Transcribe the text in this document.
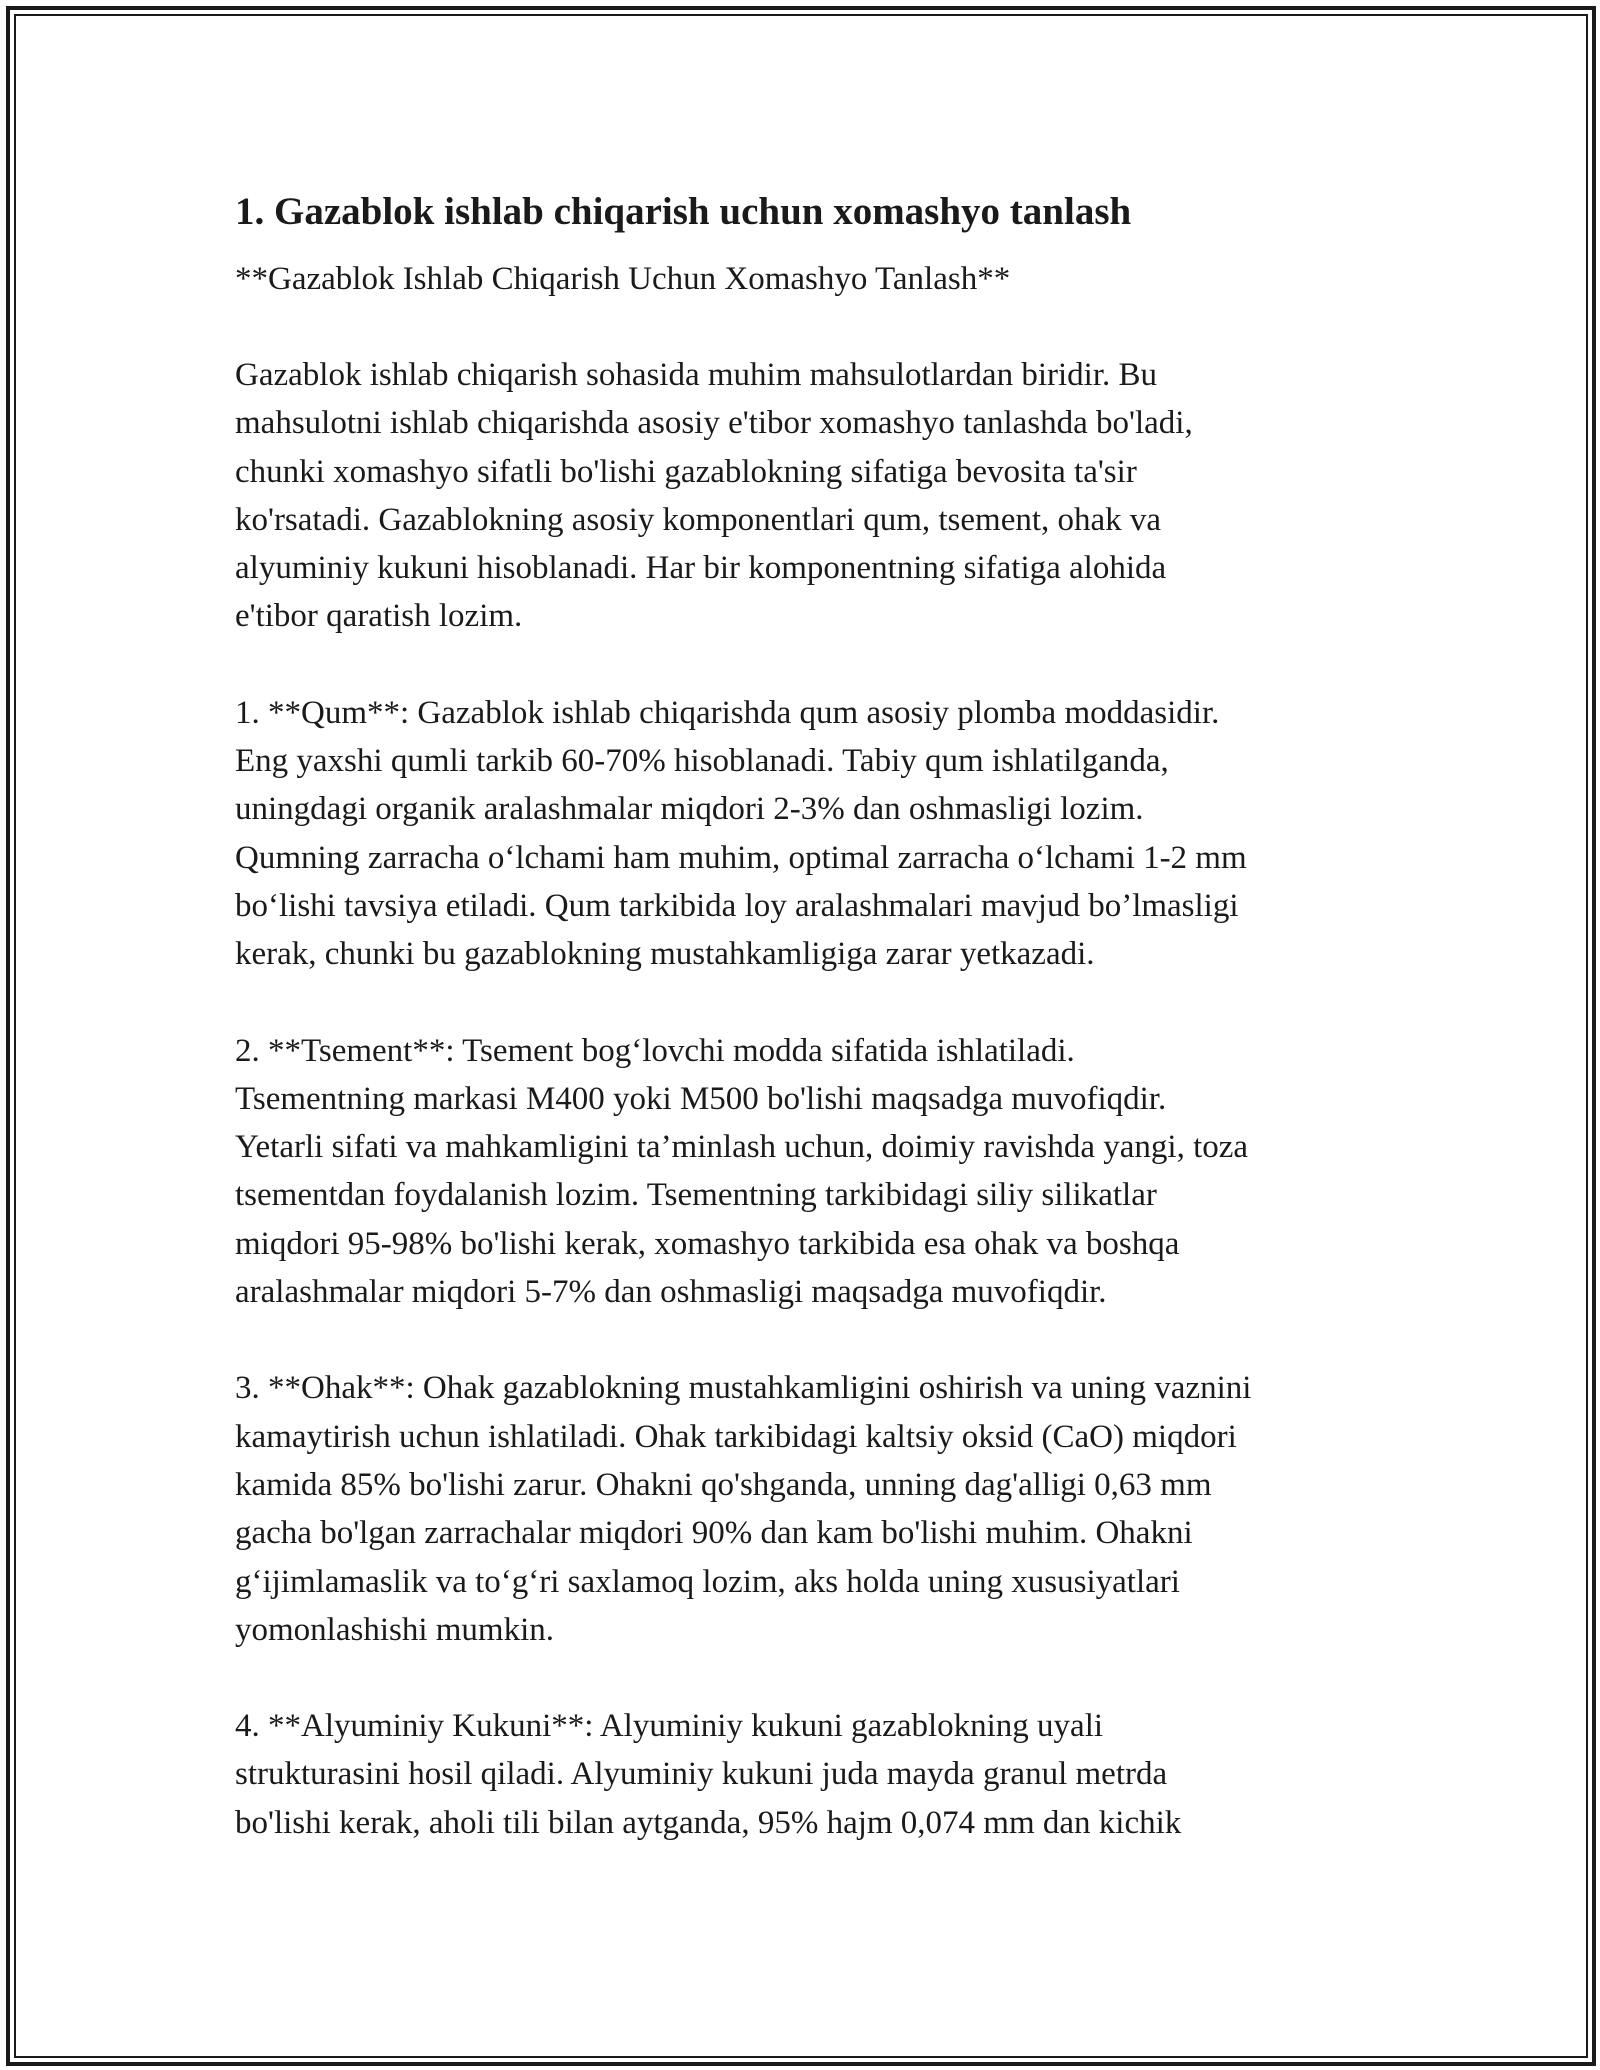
1. Gazablok ishlab chiqarish uchun xomashyo tanlash
**Gazablok Ishlab Chiqarish Uchun Xomashyo Tanlash**

Gazablok ishlab chiqarish sohasida muhim mahsulotlardan biridir. Bu
mahsulotni ishlab chiqarishda asosiy e'tibor xomashyo tanlashda bo'ladi,
chunki xomashyo sifatli bo'lishi gazablokning sifatiga bevosita ta'sir
ko'rsatadi. Gazablokning asosiy komponentlari qum, tsement, ohak va
alyuminiy kukuni hisoblanadi. Har bir komponentning sifatiga alohida
e'tibor qaratish lozim.

1. **Qum**: Gazablok ishlab chiqarishda qum asosiy plomba moddasidir.
Eng yaxshi qumli tarkib 60-70% hisoblanadi. Tabiy qum ishlatilganda,
uningdagi organik aralashmalar miqdori 2-3% dan oshmasligi lozim.
Qumning zarracha o‘lchami ham muhim, optimal zarracha o‘lchami 1-2 mm
bo‘lishi tavsiya etiladi. Qum tarkibida loy aralashmalari mavjud bo’lmasligi
kerak, chunki bu gazablokning mustahkamligiga zarar yetkazadi.

2. **Tsement**: Tsement bog‘lovchi modda sifatida ishlatiladi.
Tsementning markasi M400 yoki M500 bo'lishi maqsadga muvofiqdir.
Yetarli sifati va mahkamligini ta’minlash uchun, doimiy ravishda yangi, toza
tsementdan foydalanish lozim. Tsementning tarkibidagi siliy silikatlar
miqdori 95-98% bo'lishi kerak, xomashyo tarkibida esa ohak va boshqa
aralashmalar miqdori 5-7% dan oshmasligi maqsadga muvofiqdir.

3. **Ohak**: Ohak gazablokning mustahkamligini oshirish va uning vaznini
kamaytirish uchun ishlatiladi. Ohak tarkibidagi kaltsiy oksid (CaO) miqdori
kamida 85% bo'lishi zarur. Ohakni qo'shganda, unning dag'alligi 0,63 mm
gacha bo'lgan zarrachalar miqdori 90% dan kam bo'lishi muhim. Ohakni
g‘ijimlamaslik va to‘g‘ri saxlamoq lozim, aks holda uning xususiyatlari
yomonlashishi mumkin.

4. **Alyuminiy Kukuni**: Alyuminiy kukuni gazablokning uyali
strukturasini hosil qiladi. Alyuminiy kukuni juda mayda granul metrda
bo'lishi kerak, aholi tili bilan aytganda, 95% hajm 0,074 mm dan kichik
